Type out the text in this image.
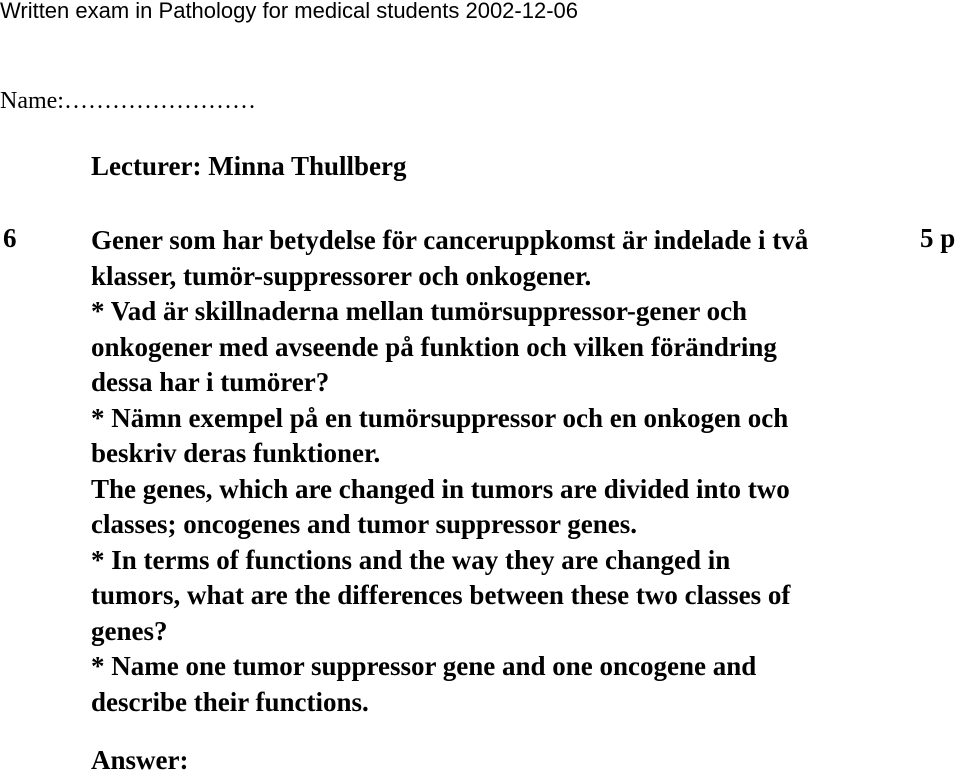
Written exam in Pathology for medical students 2002-12-06
Name:……………………
Lecturer: Minna Thullberg
6	5 p
Gener som har betydelse för canceruppkomst är indelade i två
klasser, tumör-suppressorer och onkogener.
* Vad är skillnaderna mellan tumörsuppressor-gener och
onkogener med avseende på funktion och vilken förändring
dessa har i tumörer?
* Nämn exempel på en tumörsuppressor och en onkogen och
beskriv deras funktioner.
The genes, which are changed in tumors are divided into two
classes; oncogenes and tumor suppressor genes.
* In terms of functions and the way they are changed in
tumors, what are the differences between these two classes of
genes?
* Name one tumor suppressor gene and one oncogene and
describe their functions.
Answer:
